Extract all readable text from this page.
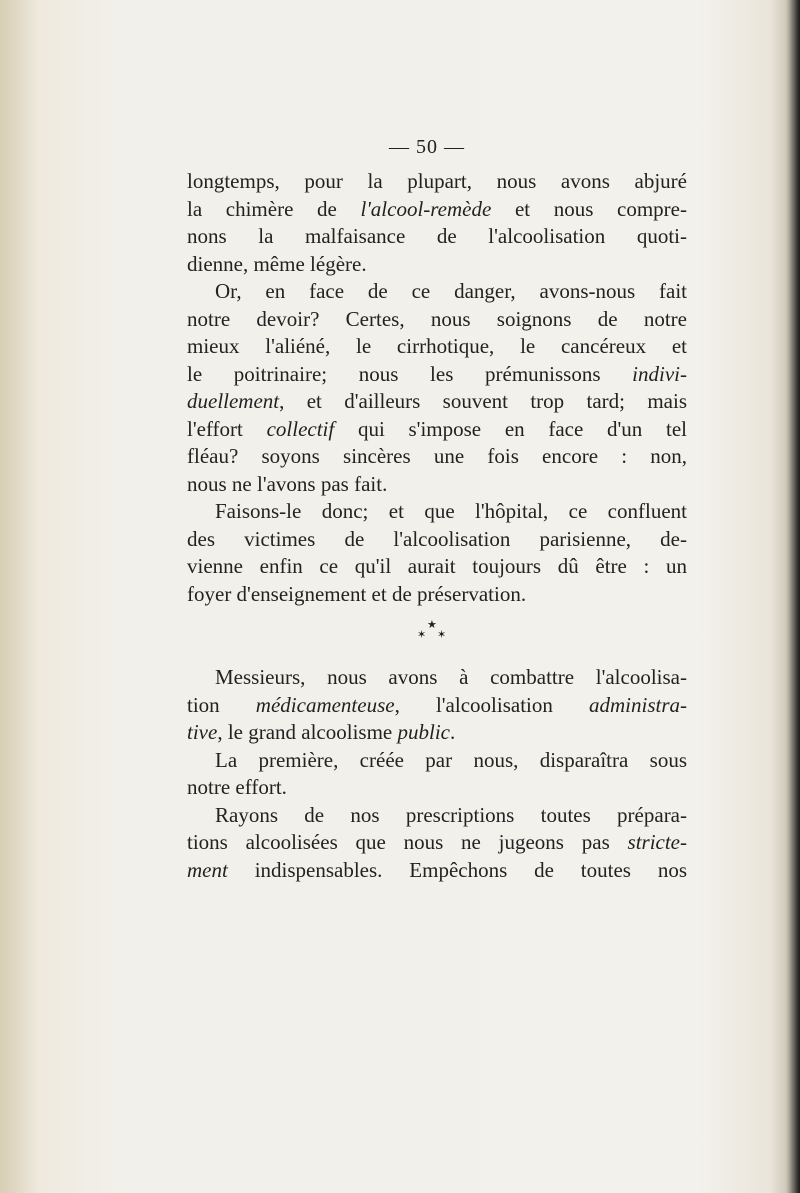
— 50 —
longtemps, pour la plupart, nous avons abjuré
la chimère de l'alcool-remède et nous compre-
nons la malfaisance de l'alcoolisation quoti-
dienne, même légère.
Or, en face de ce danger, avons-nous fait
notre devoir? Certes, nous soignons de notre
mieux l'aliéné, le cirrhotique, le cancéreux et
le poitrinaire; nous les prémunissons indivi-
duellement, et d'ailleurs souvent trop tard; mais
l'effort collectif qui s'impose en face d'un tel
fléau? soyons sincères une fois encore : non,
nous ne l'avons pas fait.
Faisons-le donc; et que l'hôpital, ce confluent
des victimes de l'alcoolisation parisienne, de-
vienne enfin ce qu'il aurait toujours dû être : un
foyer d'enseignement et de préservation.
★
✶ ✶
Messieurs, nous avons à combattre l'alcoolisa-
tion médicamenteuse, l'alcoolisation administra-
tive, le grand alcoolisme public.
La première, créée par nous, disparaîtra sous
notre effort.
Rayons de nos prescriptions toutes prépara-
tions alcoolisées que nous ne jugeons pas stricte-
ment indispensables. Empêchons de toutes nos
